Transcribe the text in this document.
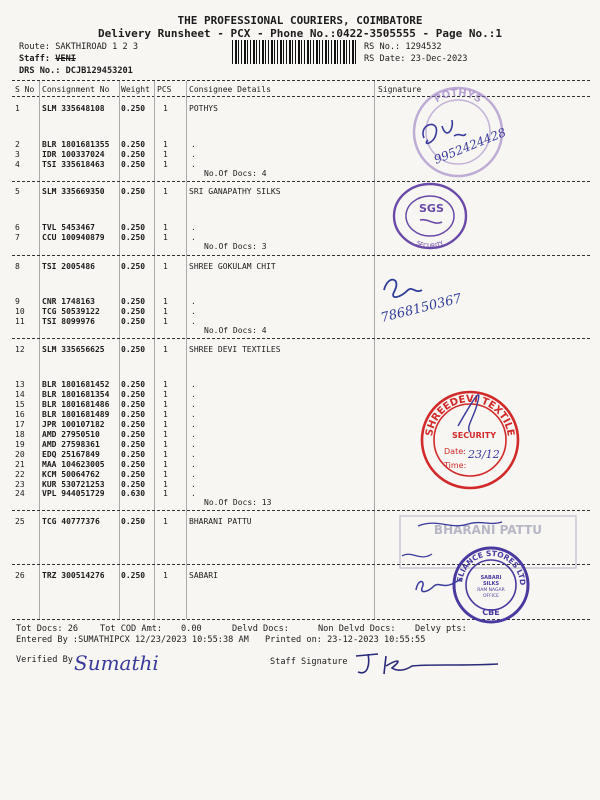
THE PROFESSIONAL COURIERS, COIMBATORE
Delivery Runsheet - PCX - Phone No.:0422-3505555 - Page No.:1
Route: SAKTHIROAD 1 2 3
Staff: VENI
DRS No.: DCJB129453201
RS No.: 1294532
RS Date: 23-Dec-2023
S No Consignment No Weight PCS Consignee Details	Signature
1	SLM 335648108 0.250 1	POTHYS
2	BLR 1801681355 0.250 1	.
3	IDR 100337024 0.250 1	.
4	TSI 335618463 0.250 1	.
No.Of Docs: 4
5	SLM 335669350 0.250 1	SRI GANAPATHY SILKS
6	TVL 5453467	0.250 1	.
7	CCU 100940879 0.250 1	.
No.Of Docs: 3
8	TSI 2005486	0.250 1	SHREE GOKULAM CHIT
9	CNR 1748163	0.250 1	.
10 TCG 50539122	0.250 1	.
11 TSI 8099976	0.250 1	.
No.Of Docs: 4
12 SLM 335656625 0.250 1	SHREE DEVI TEXTILES
13 BLR 1801681452 0.250 1	.
14 BLR 1801681354 0.250 1	.
15 BLR 1801681486 0.250 1	.
16 BLR 1801681489 0.250 1	.
17 JPR 100107182 0.250 1	.
18 AMD 27950510	0.250 1	.
19 AMD 27598361	0.250 1	.
20 EDQ 25167849	0.250 1	.
21 MAA 104623005 0.250 1	.
22 KCM 50064762	0.250 1	.
23 KUR 530721253 0.250 1	.
24 VPL 944051729 0.630 1	.
No.Of Docs: 13
25 TCG 40777376	0.250 1	BHARANI PATTU
26 TRZ 300514276 0.250 1	SABARI
Tot Docs: 26	Tot COD Amt: 0.00	Delvd Docs:	Non Delvd Docs: Delvy pts:
Entered By :SUMATHIPCX 12/23/2023 10:55:38 AM Printed on: 23-12-2023 10:55:55
Verified By	Staff Signature
POTHYS
9952424428
SGS
SECURITY
7868150367
SHREEDEVI TEXTILE
SECURITY
Date:
Time:
23/12
BHARANI PATTU
RELIANCE STORES LTD.
SABARI
SILKS
RAM NAGAR
OFFICE
CBE
Sumathi
